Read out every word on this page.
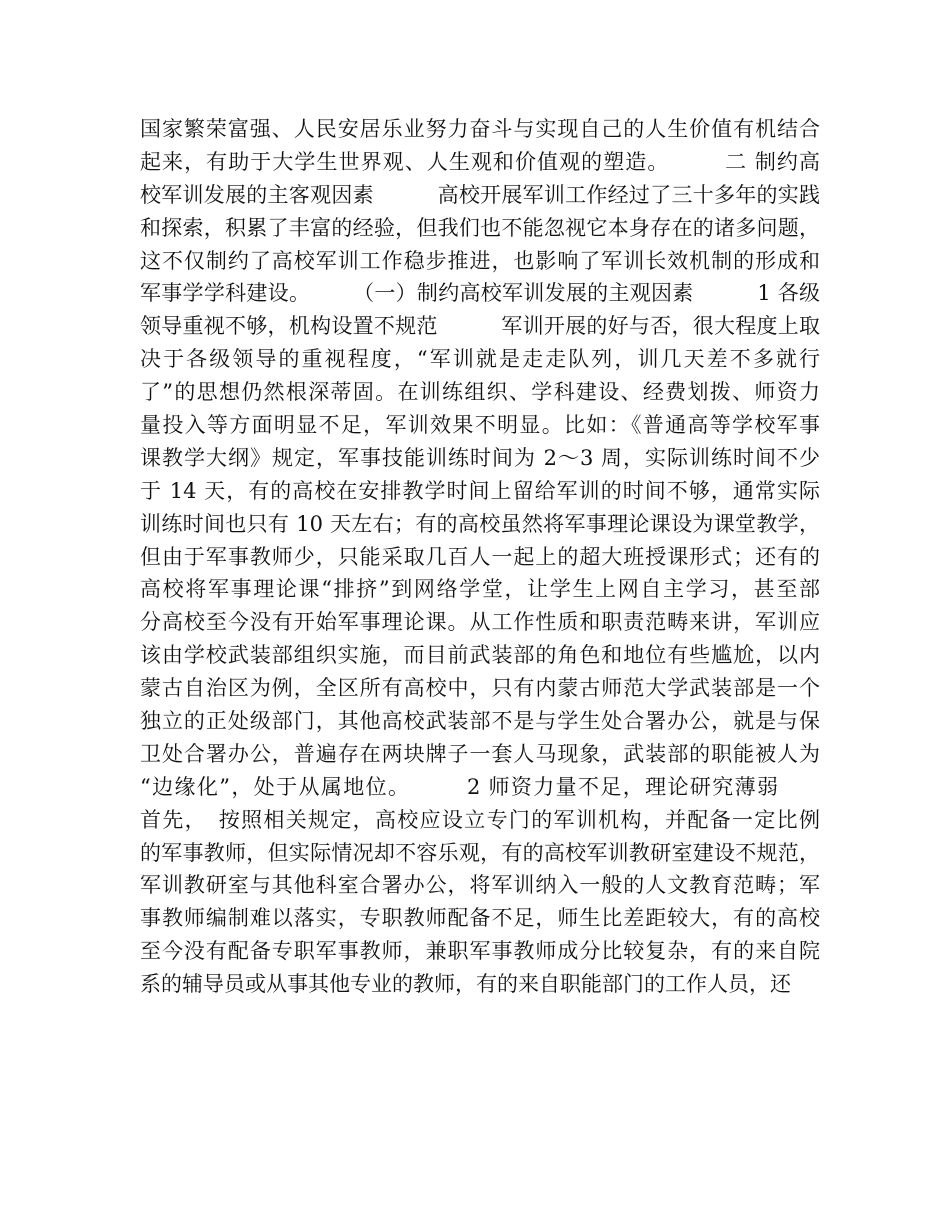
国家繁荣富强、人民安居乐业努力奋斗与实现自己的人生价值有机结合
起来，有助于大学生世界观、人生观和价值观的塑造。　　　二 制约高
校军训发展的主客观因素　　　高校开展军训工作经过了三十多年的实践
和探索，积累了丰富的经验，但我们也不能忽视它本身存在的诸多问题，
这不仅制约了高校军训工作稳步推进，也影响了军训长效机制的形成和
军事学学科建设。　　　（一）制约高校军训发展的主观因素　　　1 各级
领导重视不够，机构设置不规范　　　军训开展的好与否，很大程度上取
决于各级领导的重视程度，“军训就是走走队列，训几天差不多就行
了”的思想仍然根深蒂固。在训练组织、学科建设、经费划拨、师资力
量投入等方面明显不足，军训效果不明显。比如：《普通高等学校军事
课教学大纲》规定，军事技能训练时间为 2～3 周，实际训练时间不少
于 14 天，有的高校在安排教学时间上留给军训的时间不够，通常实际
训练时间也只有 10 天左右；有的高校虽然将军事理论课设为课堂教学，
但由于军事教师少，只能采取几百人一起上的超大班授课形式；还有的
高校将军事理论课“排挤”到网络学堂，让学生上网自主学习，甚至部
分高校至今没有开始军事理论课。从工作性质和职责范畴来讲，军训应
该由学校武装部组织实施，而目前武装部的角色和地位有些尴尬，以内
蒙古自治区为例，全区所有高校中，只有内蒙古师范大学武装部是一个
独立的正处级部门，其他高校武装部不是与学生处合署办公，就是与保
卫处合署办公，普遍存在两块牌子一套人马现象，武装部的职能被人为
“边缘化”，处于从属地位。　　　2 师资力量不足，理论研究薄弱　　
首先，　按照相关规定，高校应设立专门的军训机构，并配备一定比例
的军事教师，但实际情况却不容乐观，有的高校军训教研室建设不规范，
军训教研室与其他科室合署办公，将军训纳入一般的人文教育范畴；军
事教师编制难以落实，专职教师配备不足，师生比差距较大，有的高校
至今没有配备专职军事教师，兼职军事教师成分比较复杂，有的来自院
系的辅导员或从事其他专业的教师，有的来自职能部门的工作人员，还
